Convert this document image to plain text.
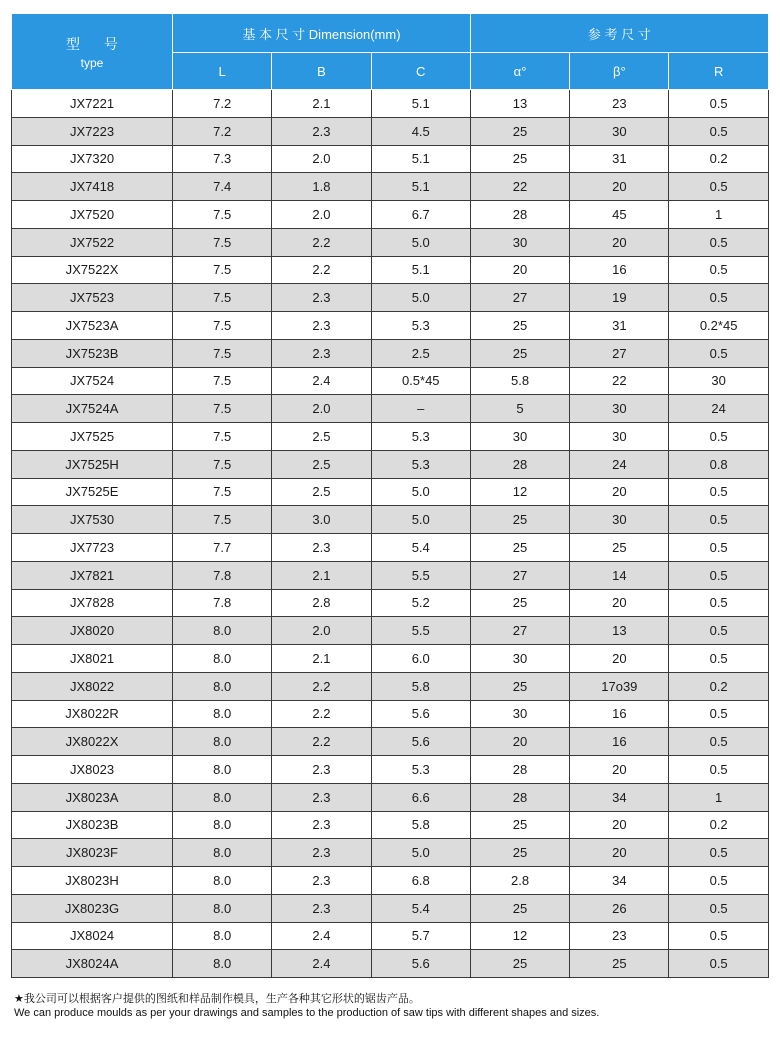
型 号
type	基 本 尺 寸 Dimension(mm)			参 考 尺 寸		
	L	B	C	α°	β°	R
JX7221	7.2	2.1	5.1	13	23	0.5
JX7223	7.2	2.3	4.5	25	30	0.5
JX7320	7.3	2.0	5.1	25	31	0.2
JX7418	7.4	1.8	5.1	22	20	0.5
JX7520	7.5	2.0	6.7	28	45	1
JX7522	7.5	2.2	5.0	30	20	0.5
JX7522X	7.5	2.2	5.1	20	16	0.5
JX7523	7.5	2.3	5.0	27	19	0.5
JX7523A	7.5	2.3	5.3	25	31	0.2*45
JX7523B	7.5	2.3	2.5	25	27	0.5
JX7524	7.5	2.4	0.5*45	5.8	22	30
JX7524A	7.5	2.0	–	5	30	24
JX7525	7.5	2.5	5.3	30	30	0.5
JX7525H	7.5	2.5	5.3	28	24	0.8
JX7525E	7.5	2.5	5.0	12	20	0.5
JX7530	7.5	3.0	5.0	25	30	0.5
JX7723	7.7	2.3	5.4	25	25	0.5
JX7821	7.8	2.1	5.5	27	14	0.5
JX7828	7.8	2.8	5.2	25	20	0.5
JX8020	8.0	2.0	5.5	27	13	0.5
JX8021	8.0	2.1	6.0	30	20	0.5
JX8022	8.0	2.2	5.8	25	17o39	0.2
JX8022R	8.0	2.2	5.6	30	16	0.5
JX8022X	8.0	2.2	5.6	20	16	0.5
JX8023	8.0	2.3	5.3	28	20	0.5
JX8023A	8.0	2.3	6.6	28	34	1
JX8023B	8.0	2.3	5.8	25	20	0.2
JX8023F	8.0	2.3	5.0	25	20	0.5
JX8023H	8.0	2.3	6.8	2.8	34	0.5
JX8023G	8.0	2.3	5.4	25	26	0.5
JX8024	8.0	2.4	5.7	12	23	0.5
JX8024A	8.0	2.4	5.6	25	25	0.5
★我公司可以根据客户提供的图纸和样品制作模具，生产各种其它形状的锯齿产品。
We can produce moulds as per your drawings and samples to the production of saw tips with different shapes and sizes.
